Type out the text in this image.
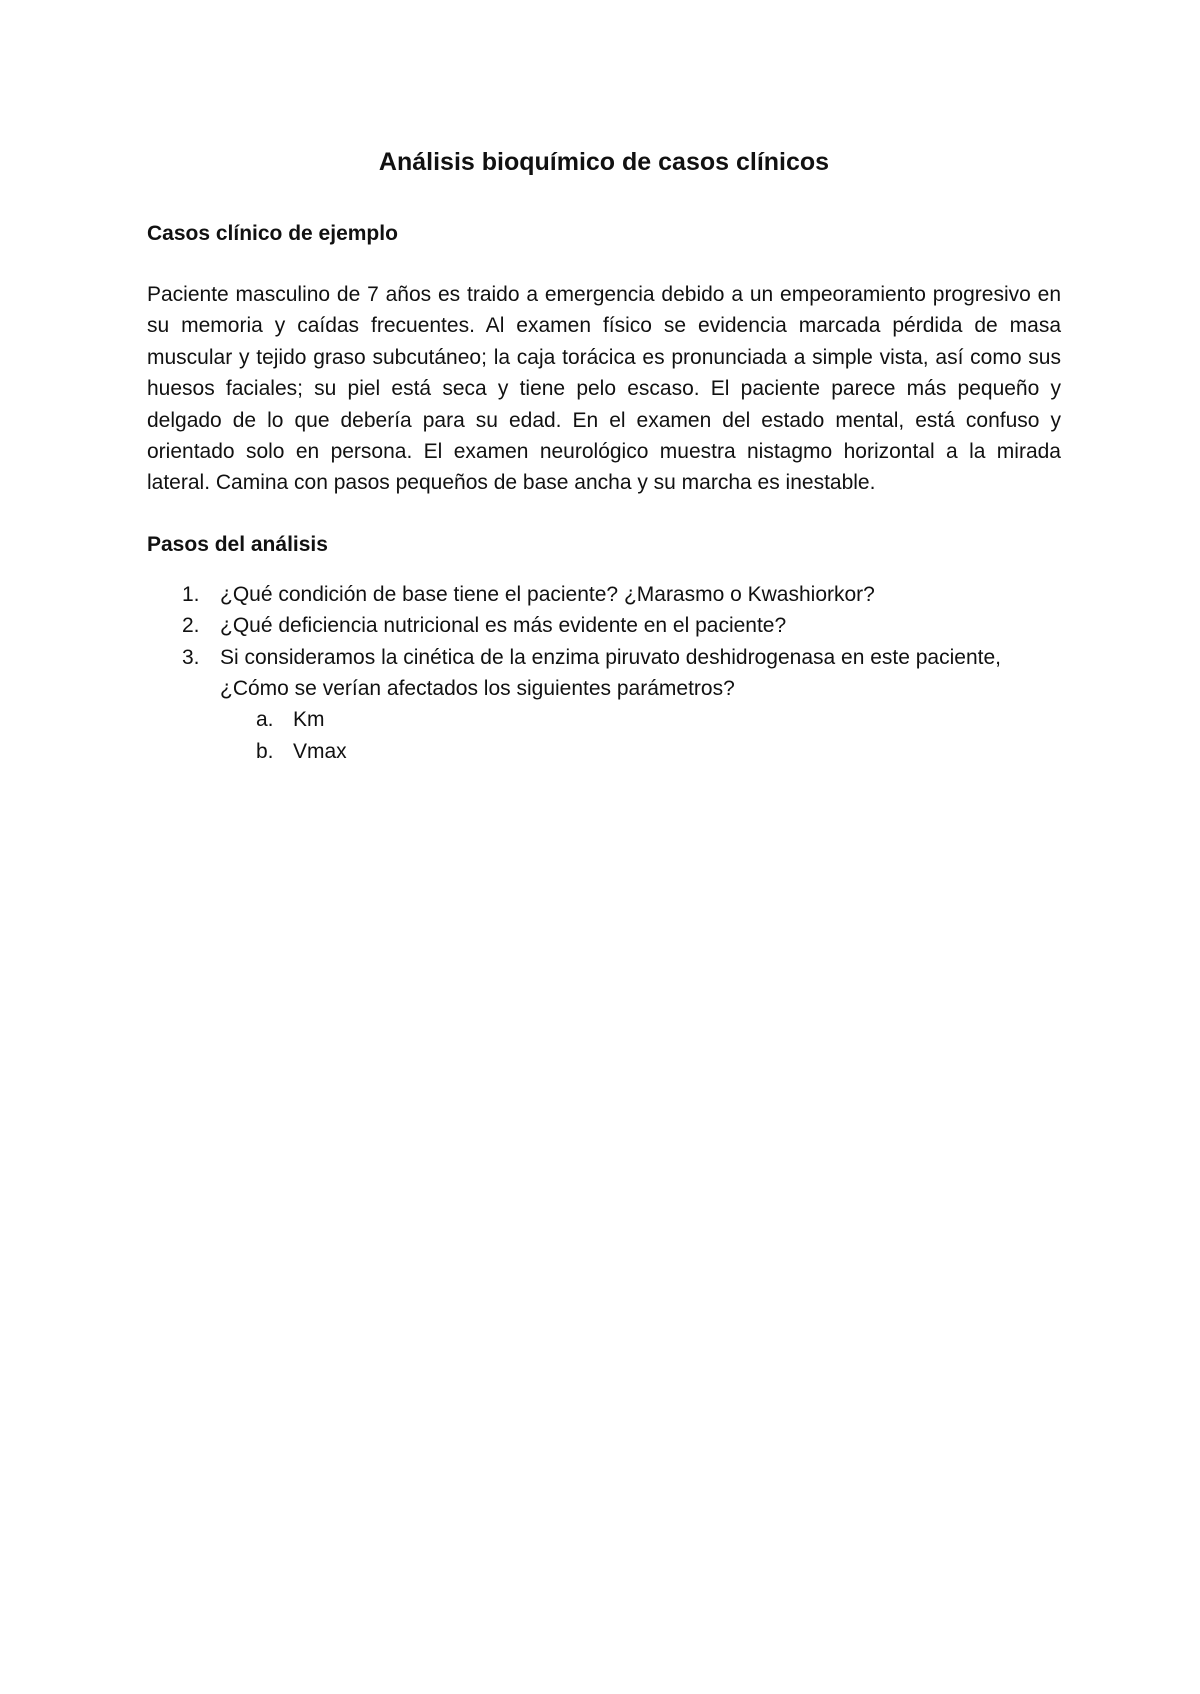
Análisis bioquímico de casos clínicos
Casos clínico de ejemplo

Paciente masculino de 7 años es traido a emergencia debido a un empeoramiento progresivo en su memoria y caídas frecuentes. Al examen físico se evidencia marcada pérdida de masa muscular y tejido graso subcutáneo; la caja torácica es pronunciada a simple vista, así como sus huesos faciales; su piel está seca y tiene pelo escaso. El paciente parece más pequeño y delgado de lo que debería para su edad. En el examen del estado mental, está confuso y orientado solo en persona. El examen neurológico muestra nistagmo horizontal a la mirada lateral. Camina con pasos pequeños de base ancha y su marcha es inestable.

Pasos del análisis
1. ¿Qué condición de base tiene el paciente? ¿Marasmo o Kwashiorkor?
2. ¿Qué deficiencia nutricional es más evidente en el paciente?
3. Si consideramos la cinética de la enzima piruvato deshidrogenasa en este paciente, ¿Cómo se verían afectados los siguientes parámetros?
a. Km
b. Vmax
